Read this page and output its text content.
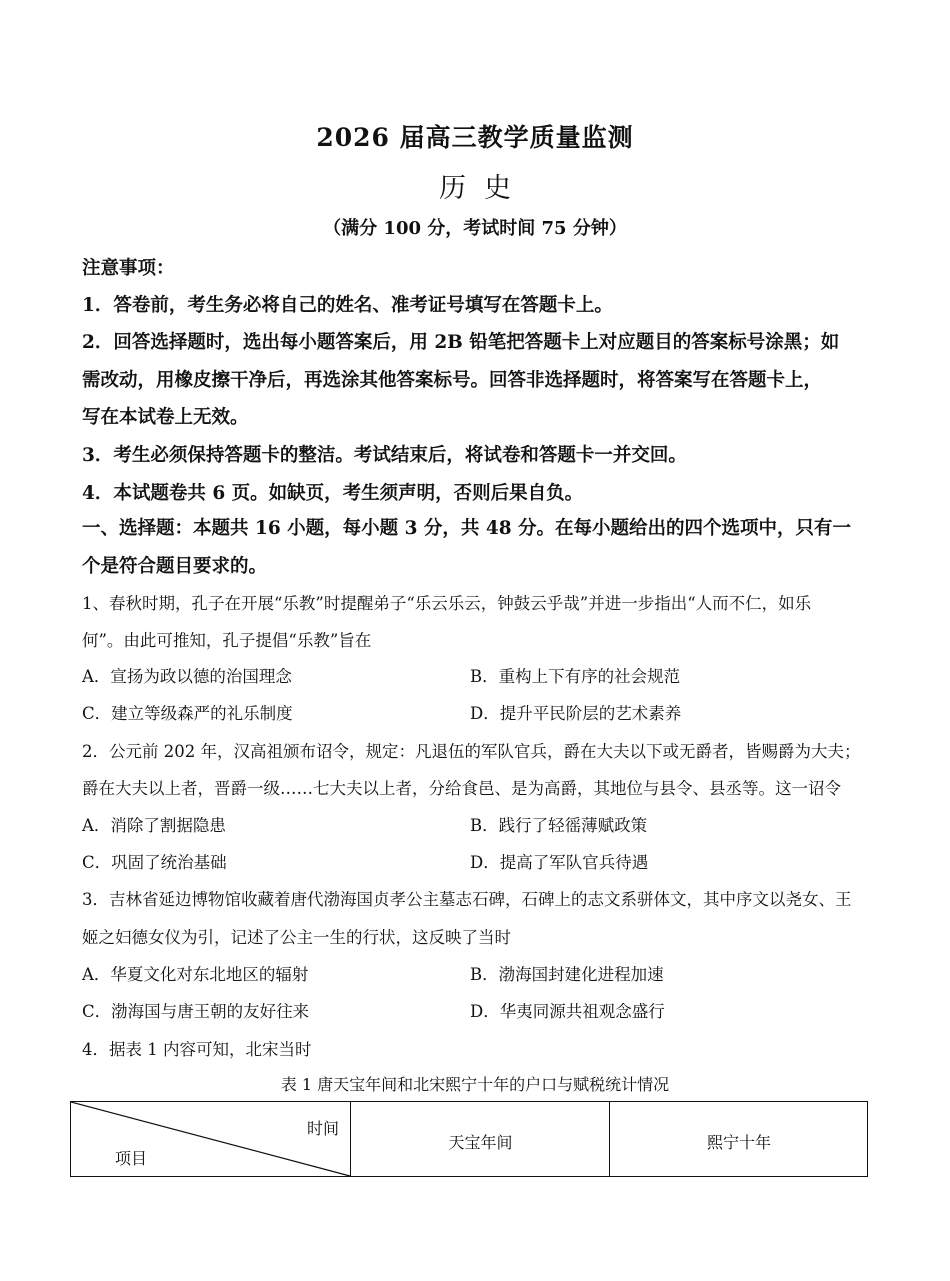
2026 届高三教学质量监测
历史
（满分 100 分，考试时间 75 分钟）
注意事项：
1．答卷前，考生务必将自己的姓名、准考证号填写在答题卡上。
2．回答选择题时，选出每小题答案后，用 2B 铅笔把答题卡上对应题目的答案标号涂黑；如
需改动，用橡皮擦干净后，再选涂其他答案标号。回答非选择题时，将答案写在答题卡上，
写在本试卷上无效。
3．考生必须保持答题卡的整洁。考试结束后，将试卷和答题卡一并交回。
4．本试题卷共 6 页。如缺页，考生须声明，否则后果自负。
一、选择题：本题共 16 小题，每小题 3 分，共 48 分。在每小题给出的四个选项中，只有一
个是符合题目要求的。
1、春秋时期，孔子在开展“乐教”时提醒弟子“乐云乐云，钟鼓云乎哉”并进一步指出“人而不仁，如乐
何”。由此可推知，孔子提倡“乐教”旨在
A．宣扬为政以德的治国理念	B．重构上下有序的社会规范
C．建立等级森严的礼乐制度	D．提升平民阶层的艺术素养
2．公元前 202 年，汉高祖颁布诏令，规定：凡退伍的军队官兵，爵在大夫以下或无爵者，皆赐爵为大夫；
爵在大夫以上者，晋爵一级……七大夫以上者，分给食邑、是为高爵，其地位与县令、县丞等。这一诏令
A．消除了割据隐患	B．践行了轻徭薄赋政策
C．巩固了统治基础	D．提高了军队官兵待遇
3．吉林省延边博物馆收藏着唐代渤海国贞孝公主墓志石碑，石碑上的志文系骈体文，其中序文以尧女、王
姬之妇德女仪为引，记述了公主一生的行状，这反映了当时
A．华夏文化对东北地区的辐射	B．渤海国封建化进程加速
C．渤海国与唐王朝的友好往来	D．华夷同源共祖观念盛行
4．据表 1 内容可知，北宋当时
表 1 唐天宝年间和北宋熙宁十年的户口与赋税统计情况
时间
项目
天宝年间	熙宁十年
